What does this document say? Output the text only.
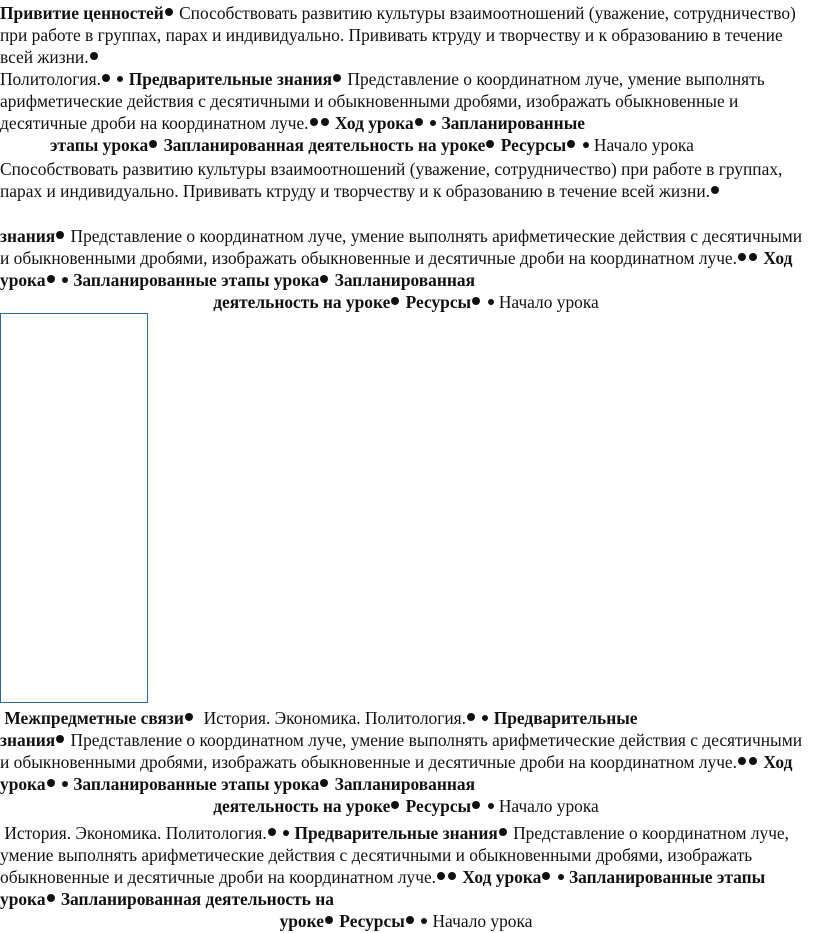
Привитие ценностей Способствовать развитию культуры взаимоотношений (уважение, сотрудничество) при работе в группах, парах и индивидуально. Прививать ктруду и творчеству и к образованию в течение всей жизни.
Политология. Предварительные знания Представление о координатном луче, умение выполнять арифметические действия с десятичными и обыкновенными дробями, изображать обыкновенные и десятичные дроби на координатном луче. Ход урока Запланированные
этапы урока Запланированная деятельность на уроке Ресурсы Начало урока

Способствовать развитию культуры взаимоотношений (уважение, сотрудничество) при работе в группах, парах и индивидуально. Прививать ктруду и творчеству и к образованию в течение всей жизни.

знания Представление о координатном луче, умение выполнять арифметические действия с десятичными и обыкновенными дробями, изображать обыкновенные и десятичные дроби на координатном луче. Ход урока Запланированные этапы урока Запланированная
деятельность на уроке Ресурсы Начало урока

Межпредметные связи История. Экономика. Политология. Предварительные
знания Представление о координатном луче, умение выполнять арифметические действия с десятичными и обыкновенными дробями, изображать обыкновенные и десятичные дроби на координатном луче. Ход урока Запланированные этапы урока Запланированная
деятельность на уроке Ресурсы Начало урока

История. Экономика. Политология. Предварительные знания Представление о координатном луче, умение выполнять арифметические действия с десятичными и обыкновенными дробями, изображать обыкновенные и десятичные дроби на координатном луче. Ход урока Запланированные этапы урока Запланированная деятельность на
уроке Ресурсы Начало урока
